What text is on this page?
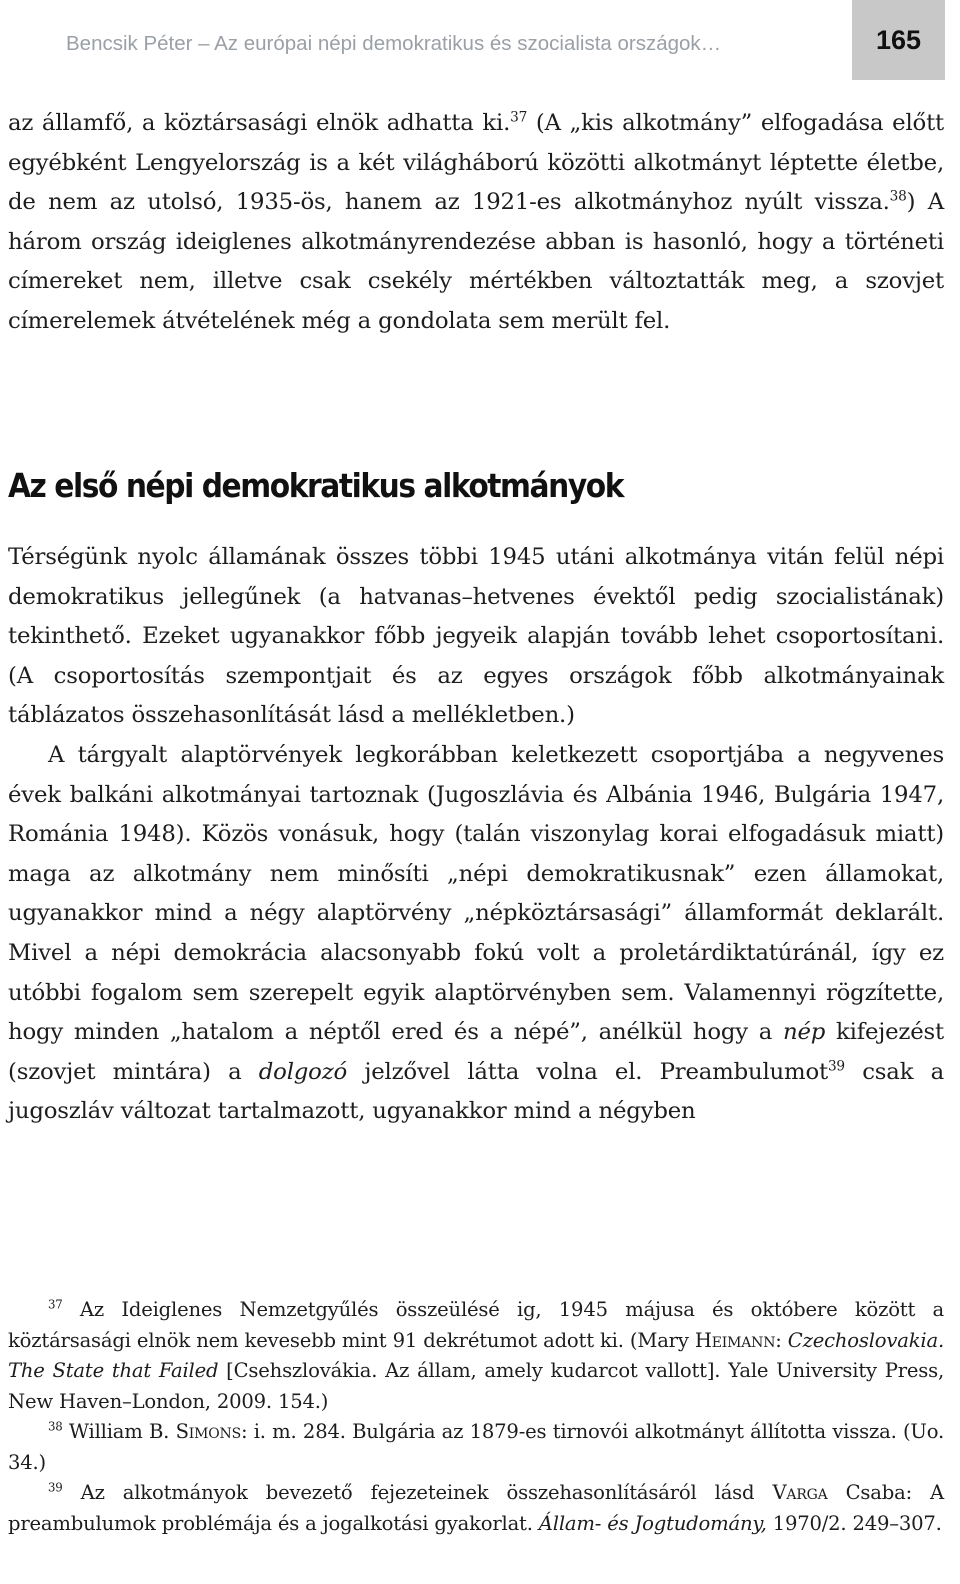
Bencsik Péter – Az európai népi demokratikus és szocialista országok…	165

az államfő, a köztársasági elnök adhatta ki.$^{37}$ (A „kis alkotmány” elfogadása előtt egyébként Lengyelország is a két világháború közötti alkotmányt léptette életbe, de nem az utolsó, 1935-ös, hanem az 1921-es alkotmányhoz nyúlt vissza.$^{38}$) A három ország ideiglenes alkotmányrendezése abban is hasonló, hogy a történeti címereket nem, illetve csak csekély mértékben változtatták meg, a szovjet címerelemek átvételének még a gondolata sem merült fel.

Az első népi demokratikus alkotmányok

Térségünk nyolc államának összes többi 1945 utáni alkotmánya vitán felül népi demokratikus jellegűnek (a hatvanas–hetvenes évektől pedig szocialistának) tekinthető. Ezeket ugyanakkor főbb jegyeik alapján tovább lehet csoportosítani. (A csoportosítás szempontjait és az egyes országok főbb alkotmányainak táblázatos összehasonlítását lásd a mellékletben.)

A tárgyalt alaptörvények legkorábban keletkezett csoportjába a negyvenes évek balkáni alkotmányai tartoznak (Jugoszlávia és Albánia 1946, Bulgária 1947, Románia 1948). Közös vonásuk, hogy (talán viszonylag korai elfogadásuk miatt) maga az alkotmány nem minősíti „népi demokratikusnak” ezen államokat, ugyanakkor mind a négy alaptörvény „népköztársasági” államformát deklarált. Mivel a népi demokrácia alacsonyabb fokú volt a proletárdiktatúránál, így ez utóbbi fogalom sem szerepelt egyik alaptörvényben sem. Valamennyi rögzítette, hogy minden „hatalom a néptől ered és a népé”, anélkül hogy a nép kifejezést (szovjet mintára) a dolgozó jelzővel látta volna el. Preambulumot$^{39}$ csak a jugoszláv változat tartalmazott, ugyanakkor mind a négyben

$^{37}$ Az Ideiglenes Nemzetgyűlés összeülésé ig, 1945 májusa és októbere között a köztársasági elnök nem kevesebb mint 91 dekrétumot adott ki. (Mary Heimann: Czechoslovakia. The State that Failed [Csehszlovákia. Az állam, amely kudarcot vallott]. Yale University Press, New Haven–London, 2009. 154.)

$^{38}$ William B. Simons: i. m. 284. Bulgária az 1879-es tirnovói alkotmányt állította vissza. (Uo. 34.)

$^{39}$ Az alkotmányok bevezető fejezeteinek összehasonlításáról lásd Varga Csaba: A preambulumok problémája és a jogalkotási gyakorlat. Állam- és Jogtudomány, 1970/2. 249–307.
